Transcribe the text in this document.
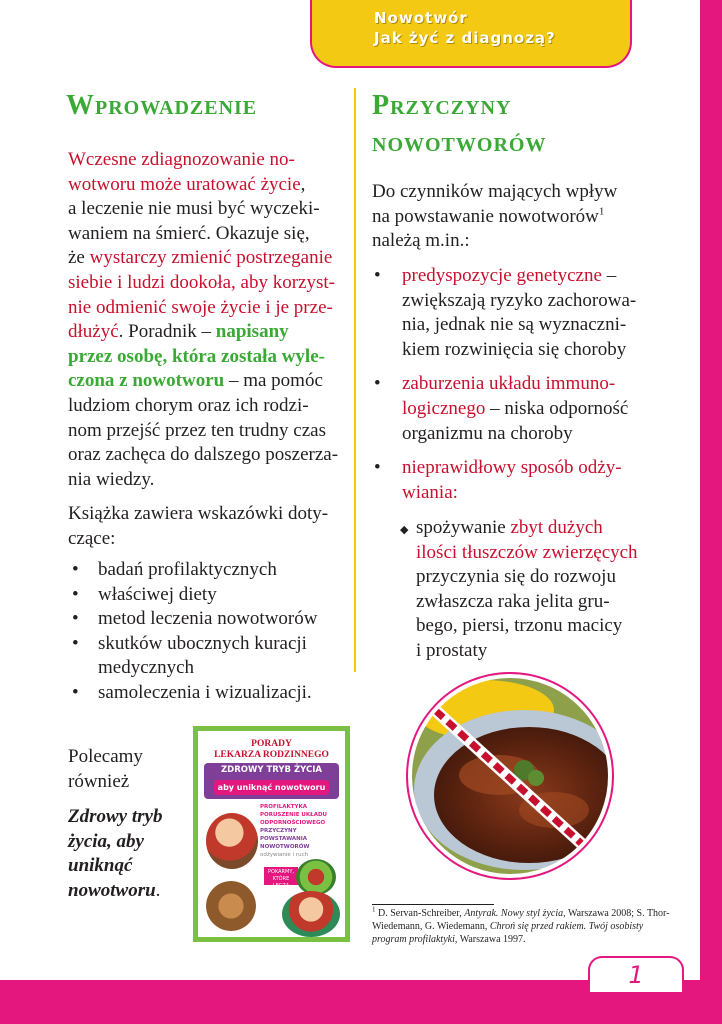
1
Nowotwór
Jak żyć z diagnozą?
Wprowadzenie
Wczesne zdiagnozowanie no-
wotworu może uratować życie,
a leczenie nie musi być wyczeki-
waniem na śmierć. Okazuje się,
że wystarczy zmienić postrzeganie
siebie i ludzi dookoła, aby korzyst-
nie odmienić swoje życie i je prze-
dłużyć. Poradnik – napisany
przez osobę, która została wyle-
czona z nowotworu – ma pomóc
ludziom chorym oraz ich rodzi-
nom przejść przez ten trudny czas
oraz zachęca do dalszego poszerza-
nia wiedzy.
Książka zawiera wskazówki doty-
czące:
• badań profilaktycznych
• właściwej diety
• metod leczenia nowotworów
• skutków ubocznych kuracji medycznych
• samoleczenia i wizualizacji.
Polecamy
również
Zdrowy tryb
życia, aby
uniknąć
nowotworu.
PORADY
LEKARZA RODZINNEGO
ZDROWY TRYB ŻYCIA
aby uniknąć nowotworu
PROFILAKTYKA
PORUSZENIE UKŁADU ODPORNOŚCIOWEGO
PRZYCZYNY POWSTAWANIA NOWOTWORÓW
odżywianie i ruch
POKARMY, KTÓRE LECZĄ
Przyczyny
nowotworów
Do czynników mających wpływ
na powstawanie nowotworów$^1$
należą m.in.:
• predyspozycje genetyczne –
zwiększają ryzyko zachorowa-
nia, jednak nie są wyznaczni-
kiem rozwinięcia się choroby
• zaburzenia układu immuno-
logicznego – niska odporność
organizmu na choroby
• nieprawidłowy sposób odży-
wiania:
◆ spożywanie zbyt dużych
ilości tłuszczów zwierzęcych
przyczynia się do rozwoju
zwłaszcza raka jelita gru-
bego, piersi, trzonu macicy
i prostaty
$^1$ D. Servan-Schreiber, Antyrak. Nowy styl życia, Warszawa 2008; S. Thor-Wiedemann, G. Wiedemann, Chroń się przed rakiem. Twój osobisty program profilaktyki, Warszawa 1997.
